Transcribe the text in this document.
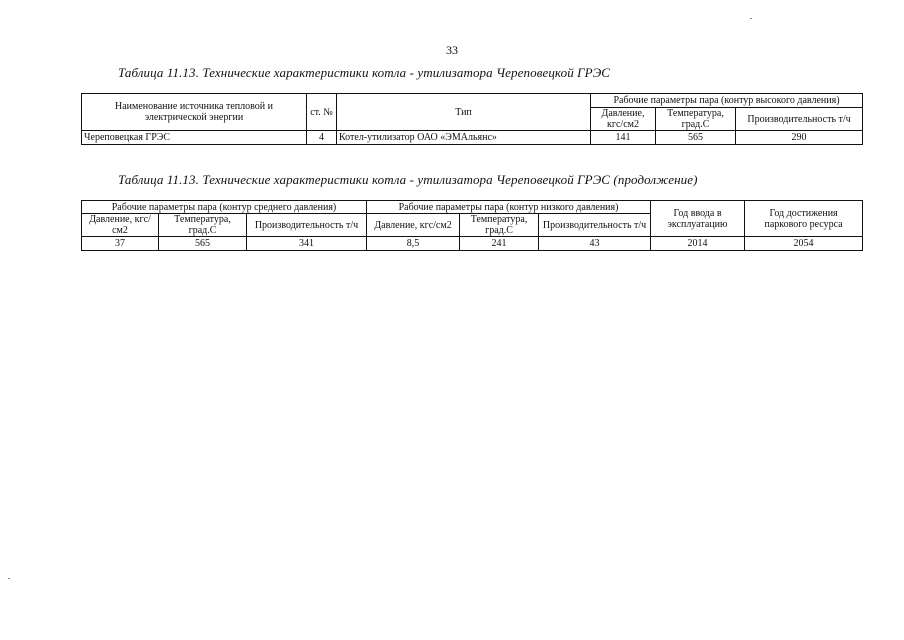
33
Таблица 11.13. Технические характеристики котла - утилизатора Череповецкой ГРЭС
Наименование источника тепловой и электрической энергии	ст. №	Тип	Рабочие параметры пара (контур высокого давления)		
			Давление, кгс/см2	Температура, град.С	Производительность т/ч
Череповецкая ГРЭС	4	Котел-утилизатор ОАО «ЭМАльянс»	141	565	290
Таблица 11.13. Технические характеристики котла - утилизатора Череповецкой ГРЭС (продолжение)
Рабочие параметры пара (контур среднего давления)			Рабочие параметры пара (контур низкого давления)			Год ввода в эксплуатацию	Год достижения паркового ресурса
Давление, кгс/см2	Температура, град.С	Производительность т/ч	Давление, кгс/см2	Температура, град.С	Производительность т/ч		
37	565	341	8,5	241	43	2014	2054
